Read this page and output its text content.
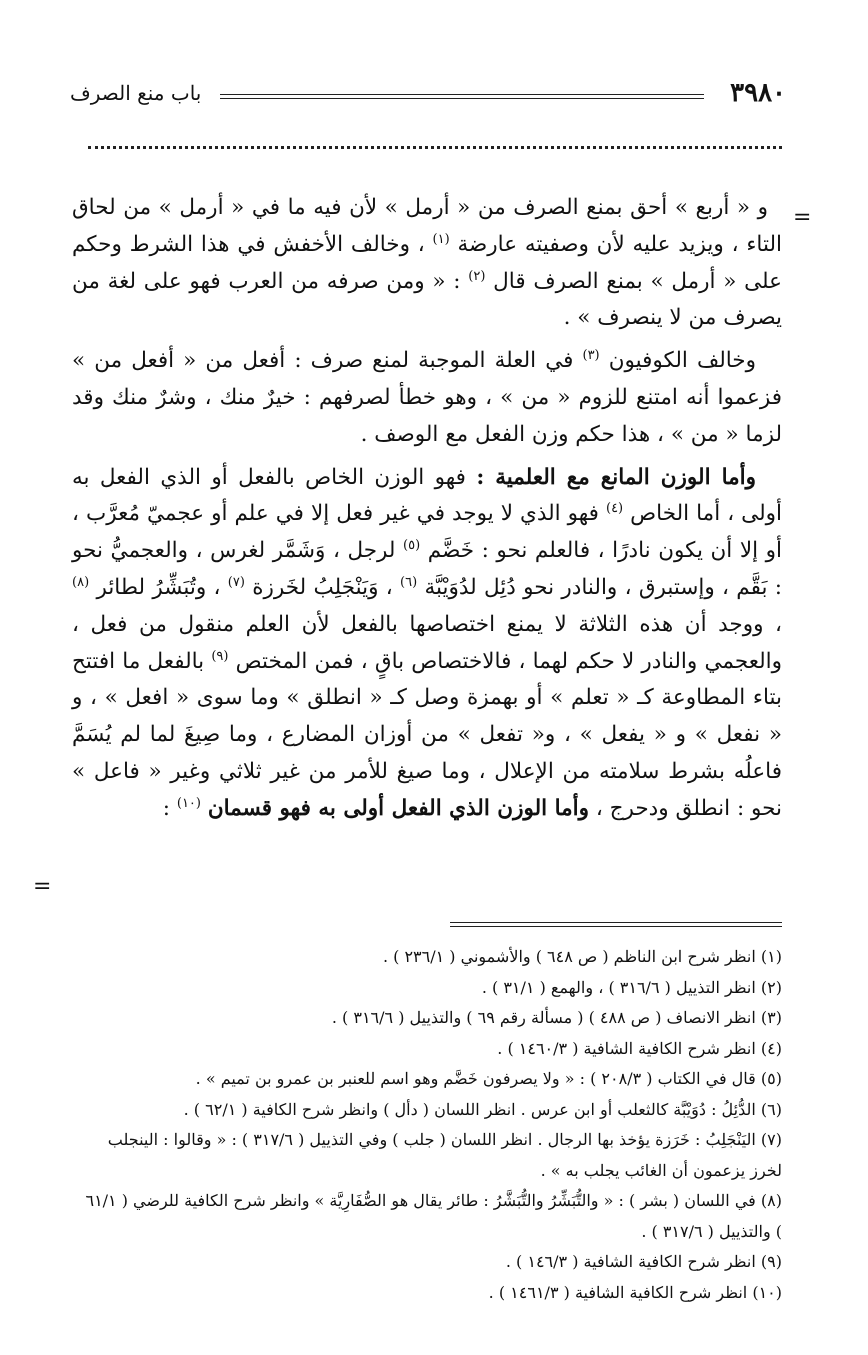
٣٩٨٠
باب منع الصرف
=
=

و « أربع » أحق بمنع الصرف من « أرمل » لأن فيه ما في « أرمل » من لحاق التاء ، ويزيد عليه لأن وصفيته عارضة $^{(١)}$ ، وخالف الأخفش في هذا الشرط وحكم على « أرمل » بمنع الصرف قال $^{(٢)}$ : « ومن صرفه من العرب فهو على لغة من يصرف من لا ينصرف » .

وخالف الكوفيون $^{(٣)}$ في العلة الموجبة لمنع صرف : أفعل من « أفعل من » فزعموا أنه امتنع للزوم « من » ، وهو خطأ لصرفهم : خيرٌ منك ، وشرٌ منك وقد لزما « من » ، هذا حكم وزن الفعل مع الوصف .

وأما الوزن المانع مع العلمية : فهو الوزن الخاص بالفعل أو الذي الفعل به أولى ، أما الخاص $^{(٤)}$ فهو الذي لا يوجد في غير فعل إلا في علم أو عجميّ مُعرَّب ، أو إلا أن يكون نادرًا ، فالعلم نحو : خَضَّم $^{(٥)}$ لرجل ، وَشَمَّر لغرس ، والعجميُّ نحو : بَقَّم ، وإستبرق ، والنادر نحو دُئِل لدُوَيْبَّة $^{(٦)}$ ، وَيَنْجَلِبُ لخَرزة $^{(٧)}$ ، وتُبَشِّرُ لطائر $^{(٨)}$ ، ووجد أن هذه الثلاثة لا يمنع اختصاصها بالفعل لأن العلم منقول من فعل ، والعجمي والنادر لا حكم لهما ، فالاختصاص باقٍ ، فمن المختص $^{(٩)}$ بالفعل ما افتتح بتاء المطاوعة كـ « تعلم » أو بهمزة وصل كـ « انطلق » وما سوى « افعل » ، و « نفعل » و « يفعل » ، و« تفعل » من أوزان المضارع ، وما صِيغَ لما لم يُسَمَّ فاعلُه بشرط سلامته من الإعلال ، وما صيغ للأمر من غير ثلاثي وغير « فاعل » نحو : انطلق ودحرج ، وأما الوزن الذي الفعل أولى به فهو قسمان $^{(١٠)}$ :

(١) انظر شرح ابن الناظم ( ص ٦٤٨ ) والأشموني ( ٢٣٦/١ ) .
(٢) انظر التذييل ( ٣١٦/٦ ) ، والهمع ( ٣١/١ ) .
(٣) انظر الانصاف ( ص ٤٨٨ ) ( مسألة رقم ٦٩ ) والتذييل ( ٣١٦/٦ ) .
(٤) انظر شرح الكافية الشافية ( ١٤٦٠/٣ ) .
(٥) قال في الكتاب ( ٢٠٨/٣ ) : « ولا يصرفون خَضَّم وهو اسم للعنبر بن عمرو بن تميم » .
(٦) الدُّئِلُ : دُوَيْبَّة كالثعلب أو ابن عرس . انظر اللسان ( دأل ) وانظر شرح الكافية ( ٦٢/١ ) .
(٧) اليَنْجَلِبُ : خَرَزة يؤخذ بها الرجال . انظر اللسان ( جلب ) وفي التذييل ( ٣١٧/٦ ) : « وقالوا : الينجلب لخرز يزعمون أن الغائب يجلب به » .
(٨) في اللسان ( بشر ) : « والتُّبَشِّرُ والتُّبَشَّرُ : طائر يقال هو الصُّفَارِيَّة » وانظر شرح الكافية للرضي ( ٦١/١ ) والتذييل ( ٣١٧/٦ ) .
(٩) انظر شرح الكافية الشافية ( ١٤٦/٣ ) .
(١٠) انظر شرح الكافية الشافية ( ١٤٦١/٣ ) .
